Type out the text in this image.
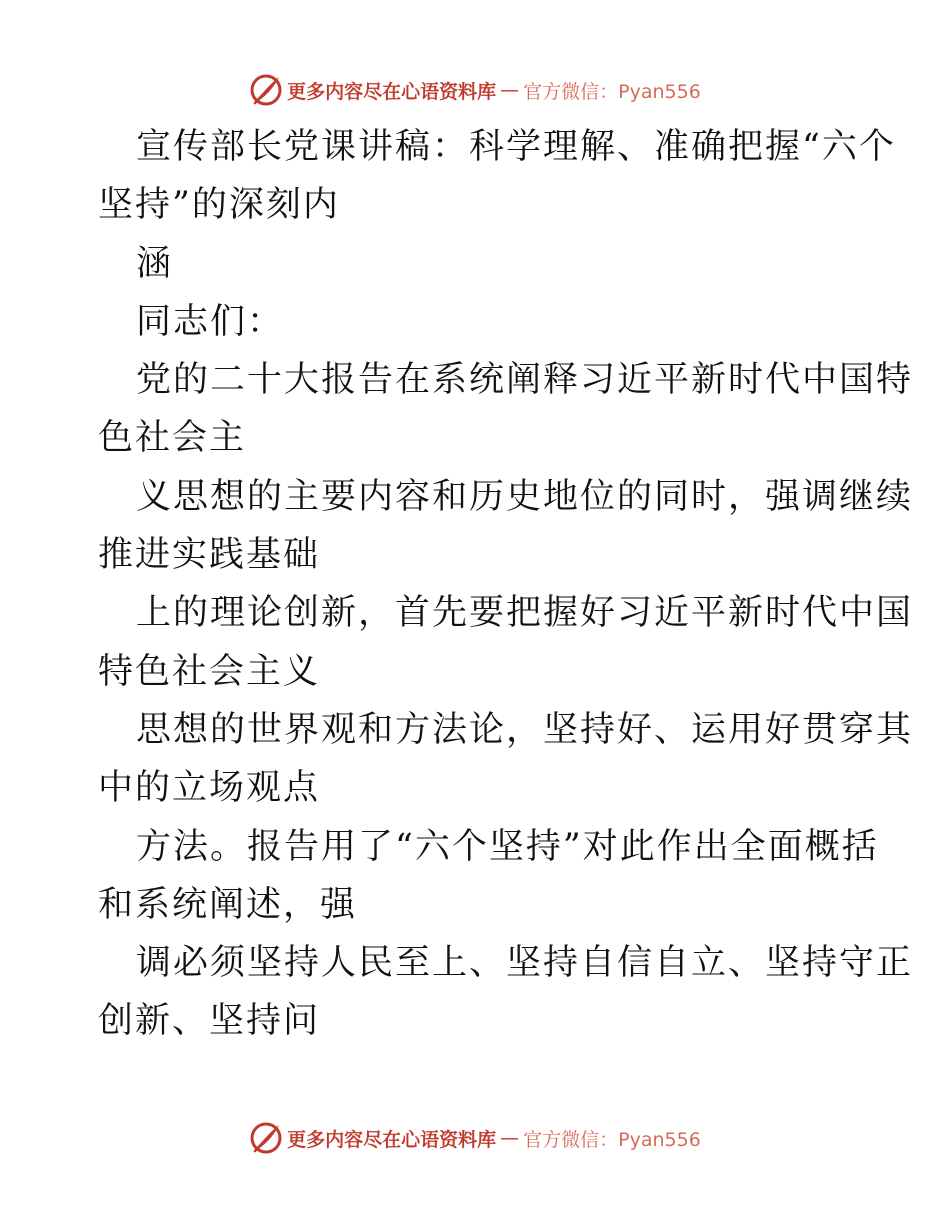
更多内容尽在心语资料库 — 官方微信：Pyan556
宣传部长党课讲稿：科学理解、准确把握“六个
坚持”的深刻内
涵
同志们：
党的二十大报告在系统阐释习近平新时代中国特
色社会主
义思想的主要内容和历史地位的同时，强调继续
推进实践基础
上的理论创新，首先要把握好习近平新时代中国
特色社会主义
思想的世界观和方法论，坚持好、运用好贯穿其
中的立场观点
方法。报告用了“六个坚持”对此作出全面概括
和系统阐述，强
调必须坚持人民至上、坚持自信自立、坚持守正
创新、坚持问
更多内容尽在心语资料库 — 官方微信：Pyan556
